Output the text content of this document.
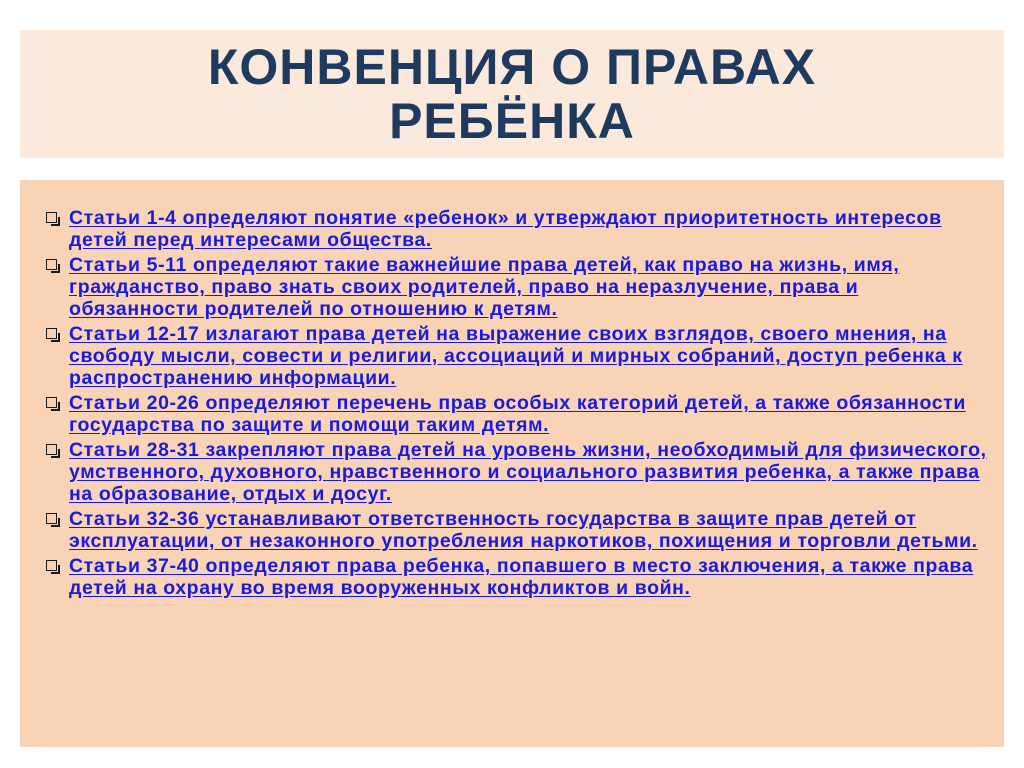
КОНВЕНЦИЯ О ПРАВАХ
РЕБЁНКА
Статьи 1-4 определяют понятие «ребенок» и утверждают приоритетность интересов детей перед интересами общества.
Статьи 5-11 определяют такие важнейшие права детей, как право на жизнь, имя, гражданство, право знать своих родителей, право на неразлучение, права и обязанности родителей по отношению к детям.
Статьи 12-17 излагают права детей на выражение своих взглядов, своего мнения, на свободу мысли, совести и религии, ассоциаций и мирных собраний, доступ ребенка к распространению информации.
Статьи 20-26 определяют перечень прав особых категорий детей, а также обязанности государства по защите и помощи таким детям.
Статьи 28-31 закрепляют права детей на уровень жизни, необходимый для физического, умственного, духовного, нравственного и социального развития ребенка, а также права на образование, отдых и досуг.
Статьи 32-36 устанавливают ответственность государства в защите прав детей от эксплуатации, от незаконного употребления наркотиков, похищения и торговли детьми.
Статьи 37-40 определяют права ребенка, попавшего в место заключения, а также права детей на охрану во время вооруженных конфликтов и войн.
